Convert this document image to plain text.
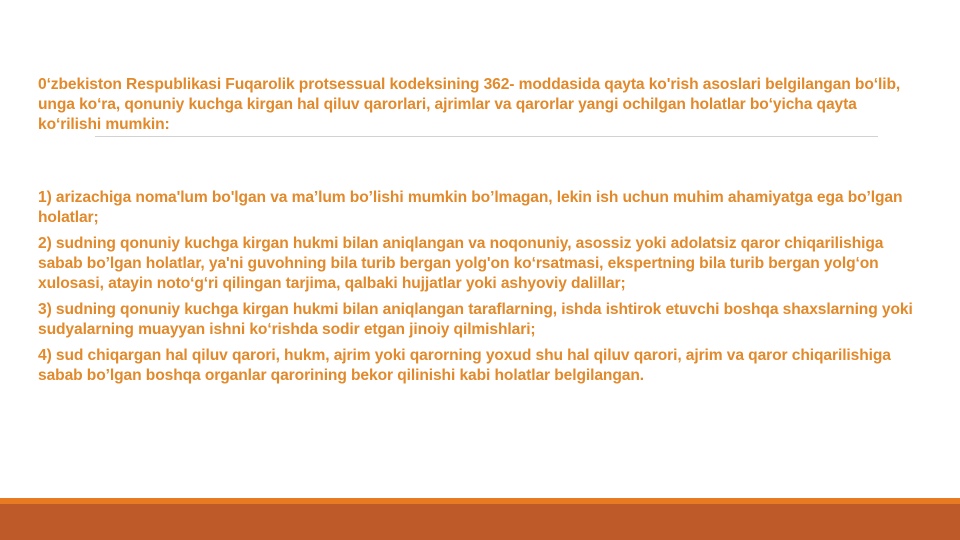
0‘zbekiston Respublikasi Fuqarolik protsessual kodeksining 362- moddasida qayta ko'rish asoslari belgilangan bo‘lib, unga ko‘ra, qonuniy kuchga kirgan hal qiluv qarorlari, ajrimlar va qarorlar yangi ochilgan holatlar bo‘yicha qayta ko‘rilishi mumkin:

1) arizachiga noma'lum bo'lgan va ma’lum bo’lishi mumkin bo’lmagan, lekin ish uchun muhim ahamiyatga ega bo’lgan holatlar;

2) sudning qonuniy kuchga kirgan hukmi bilan aniqlangan va noqonuniy, asossiz yoki adolatsiz qaror chiqarilishiga sabab bo’lgan holatlar, ya'ni guvohning bila turib bergan yolg'on ko‘rsatmasi, ekspertning bila turib bergan yolg‘on xulosasi, atayin noto‘g‘ri qilingan tarjima, qalbaki hujjatlar yoki ashyoviy dalillar;

3) sudning qonuniy kuchga kirgan hukmi bilan aniqlangan taraflarning, ishda ishtirok etuvchi boshqa shaxslarning yoki sudyalarning muayyan ishni ko‘rishda sodir etgan jinoiy qilmishlari;

4) sud chiqargan hal qiluv qarori, hukm, ajrim yoki qarorning yoxud shu hal qiluv qarori, ajrim va qaror chiqarilishiga sabab bo’lgan boshqa organlar qarorining bekor qilinishi kabi holatlar belgilangan.
